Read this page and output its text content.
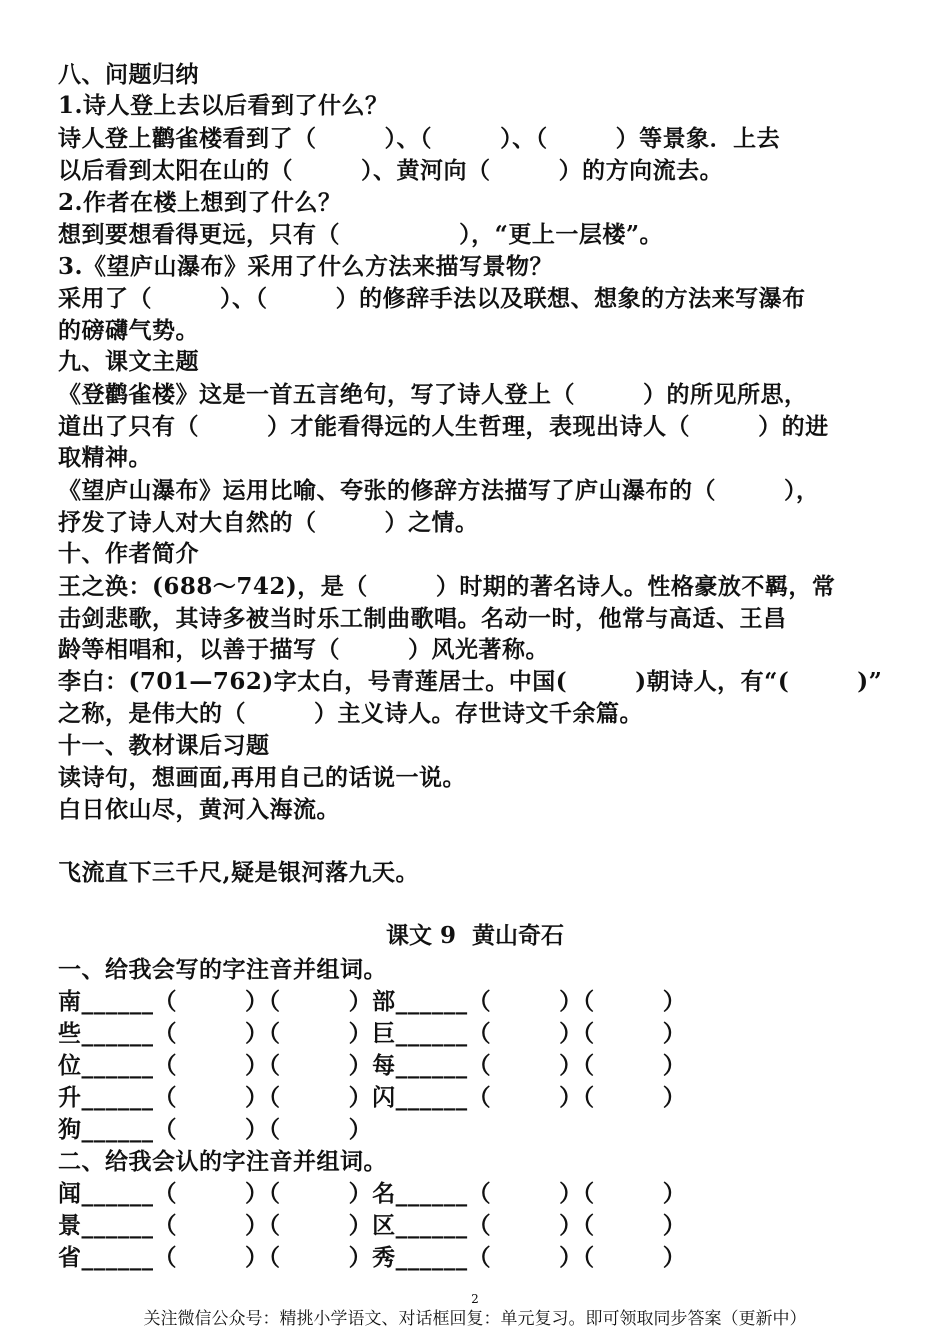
八、问题归纳
1.诗人登上去以后看到了什么？
诗人登上鹳雀楼看到了（        ）、（        ）、（        ）等景象．上去
以后看到太阳在山的（        ）、黄河向（        ）的方向流去。
2.作者在楼上想到了什么？
想到要想看得更远，只有（              ），“更上一层楼”。
3.《望庐山瀑布》采用了什么方法来描写景物？
采用了（        ）、（        ）的修辞手法以及联想、想象的方法来写瀑布
的磅礴气势。
九、课文主题
《登鹳雀楼》这是一首五言绝句，写了诗人登上（        ）的所见所思，
道出了只有（        ）才能看得远的人生哲理，表现出诗人（        ）的进
取精神。
《望庐山瀑布》运用比喻、夸张的修辞方法描写了庐山瀑布的（        ），
抒发了诗人对大自然的（        ）之情。
十、作者简介
王之涣：(688～742)，是（        ）时期的著名诗人。性格豪放不羁，常
击剑悲歌，其诗多被当时乐工制曲歌唱。名动一时，他常与高适、王昌
龄等相唱和，以善于描写（        ）风光著称。
李白：(701—762)字太白，号青莲居士。中国(        )朝诗人，有“(        )”
之称，是伟大的（        ）主义诗人。存世诗文千余篇。
十一、教材课后习题
读诗句，想画面,再用自己的话说一说。
白日依山尽，黄河入海流。
飞流直下三千尺,疑是银河落九天。
课文 9  黄山奇石
一、给我会写的字注音并组词。
南______（        ）（        ）部______（        ）（        ）
些______（        ）（        ）巨______（        ）（        ）
位______（        ）（        ）每______（        ）（        ）
升______（        ）（        ）闪______（        ）（        ）
狗______（        ）（        ）
二、给我会认的字注音并组词。
闻______（        ）（        ）名______（        ）（        ）
景______（        ）（        ）区______（        ）（        ）
省______（        ）（        ）秀______（        ）（        ）
2
关注微信公众号：精挑小学语文、对话框回复：单元复习。即可领取同步答案（更新中）
